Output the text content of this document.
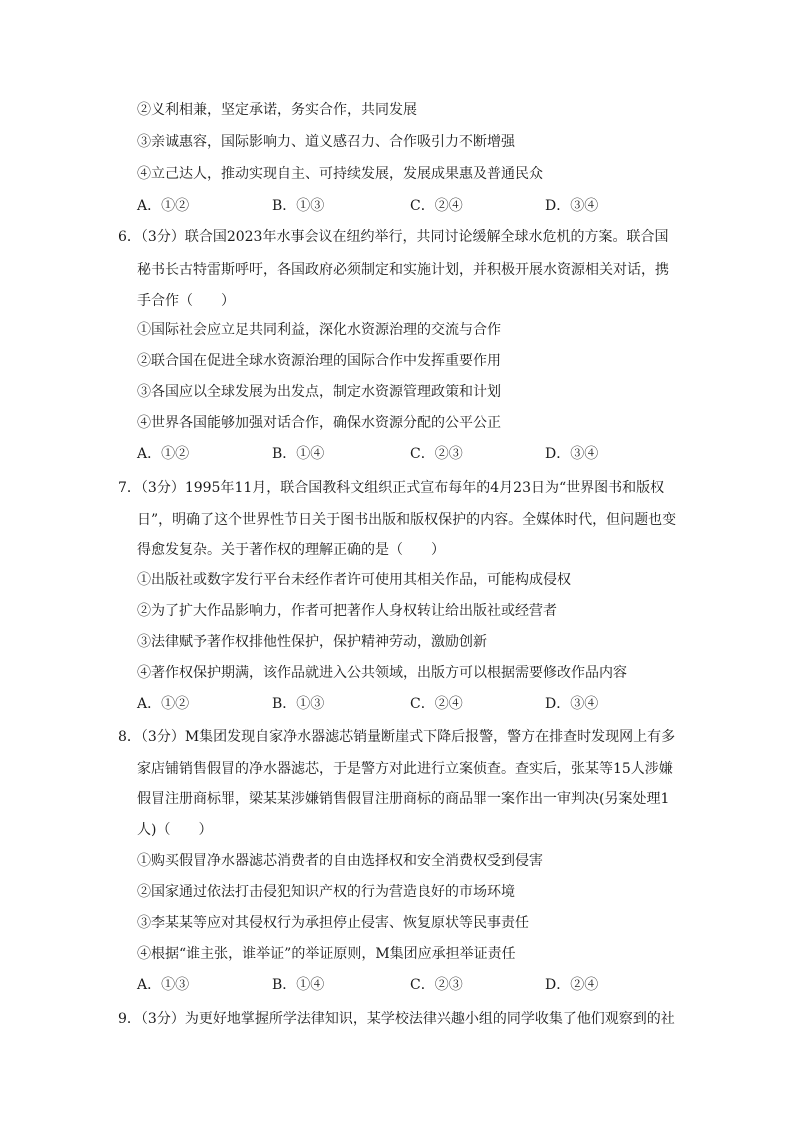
②义利相兼，坚定承诺，务实合作，共同发展
③亲诚惠容，国际影响力、道义感召力、合作吸引力不断增强
④立己达人，推动实现自主、可持续发展，发展成果惠及普通民众
A．①②	B．①③	C．②④	D．③④
6．（3分）联合国2023年水事会议在纽约举行，共同讨论缓解全球水危机的方案。联合国
秘书长古特雷斯呼吁，各国政府必须制定和实施计划，并积极开展水资源相关对话，携
手合作（　　）
①国际社会应立足共同利益，深化水资源治理的交流与合作
②联合国在促进全球水资源治理的国际合作中发挥重要作用
③各国应以全球发展为出发点，制定水资源管理政策和计划
④世界各国能够加强对话合作，确保水资源分配的公平公正
A．①②	B．①④	C．②③	D．③④
7．（3分）1995年11月，联合国教科文组织正式宣布每年的4月23日为“世界图书和版权
日”，明确了这个世界性节日关于图书出版和版权保护的内容。全媒体时代，但问题也变
得愈发复杂。关于著作权的理解正确的是（　　）
①出版社或数字发行平台未经作者许可使用其相关作品，可能构成侵权
②为了扩大作品影响力，作者可把著作人身权转让给出版社或经营者
③法律赋予著作权排他性保护，保护精神劳动，激励创新
④著作权保护期满，该作品就进入公共领域，出版方可以根据需要修改作品内容
A．①②	B．①③	C．②④	D．③④
8．（3分）M集团发现自家净水器滤芯销量断崖式下降后报警，警方在排查时发现网上有多
家店铺销售假冒的净水器滤芯，于是警方对此进行立案侦查。查实后，张某等15人涉嫌
假冒注册商标罪，梁某某涉嫌销售假冒注册商标的商品罪一案作出一审判决(另案处理1
人)（　　）
①购买假冒净水器滤芯消费者的自由选择权和安全消费权受到侵害
②国家通过依法打击侵犯知识产权的行为营造良好的市场环境
③李某某等应对其侵权行为承担停止侵害、恢复原状等民事责任
④根据“谁主张，谁举证”的举证原则，M集团应承担举证责任
A．①③	B．①④	C．②③	D．②④
9．（3分）为更好地掌握所学法律知识，某学校法律兴趣小组的同学收集了他们观察到的社
